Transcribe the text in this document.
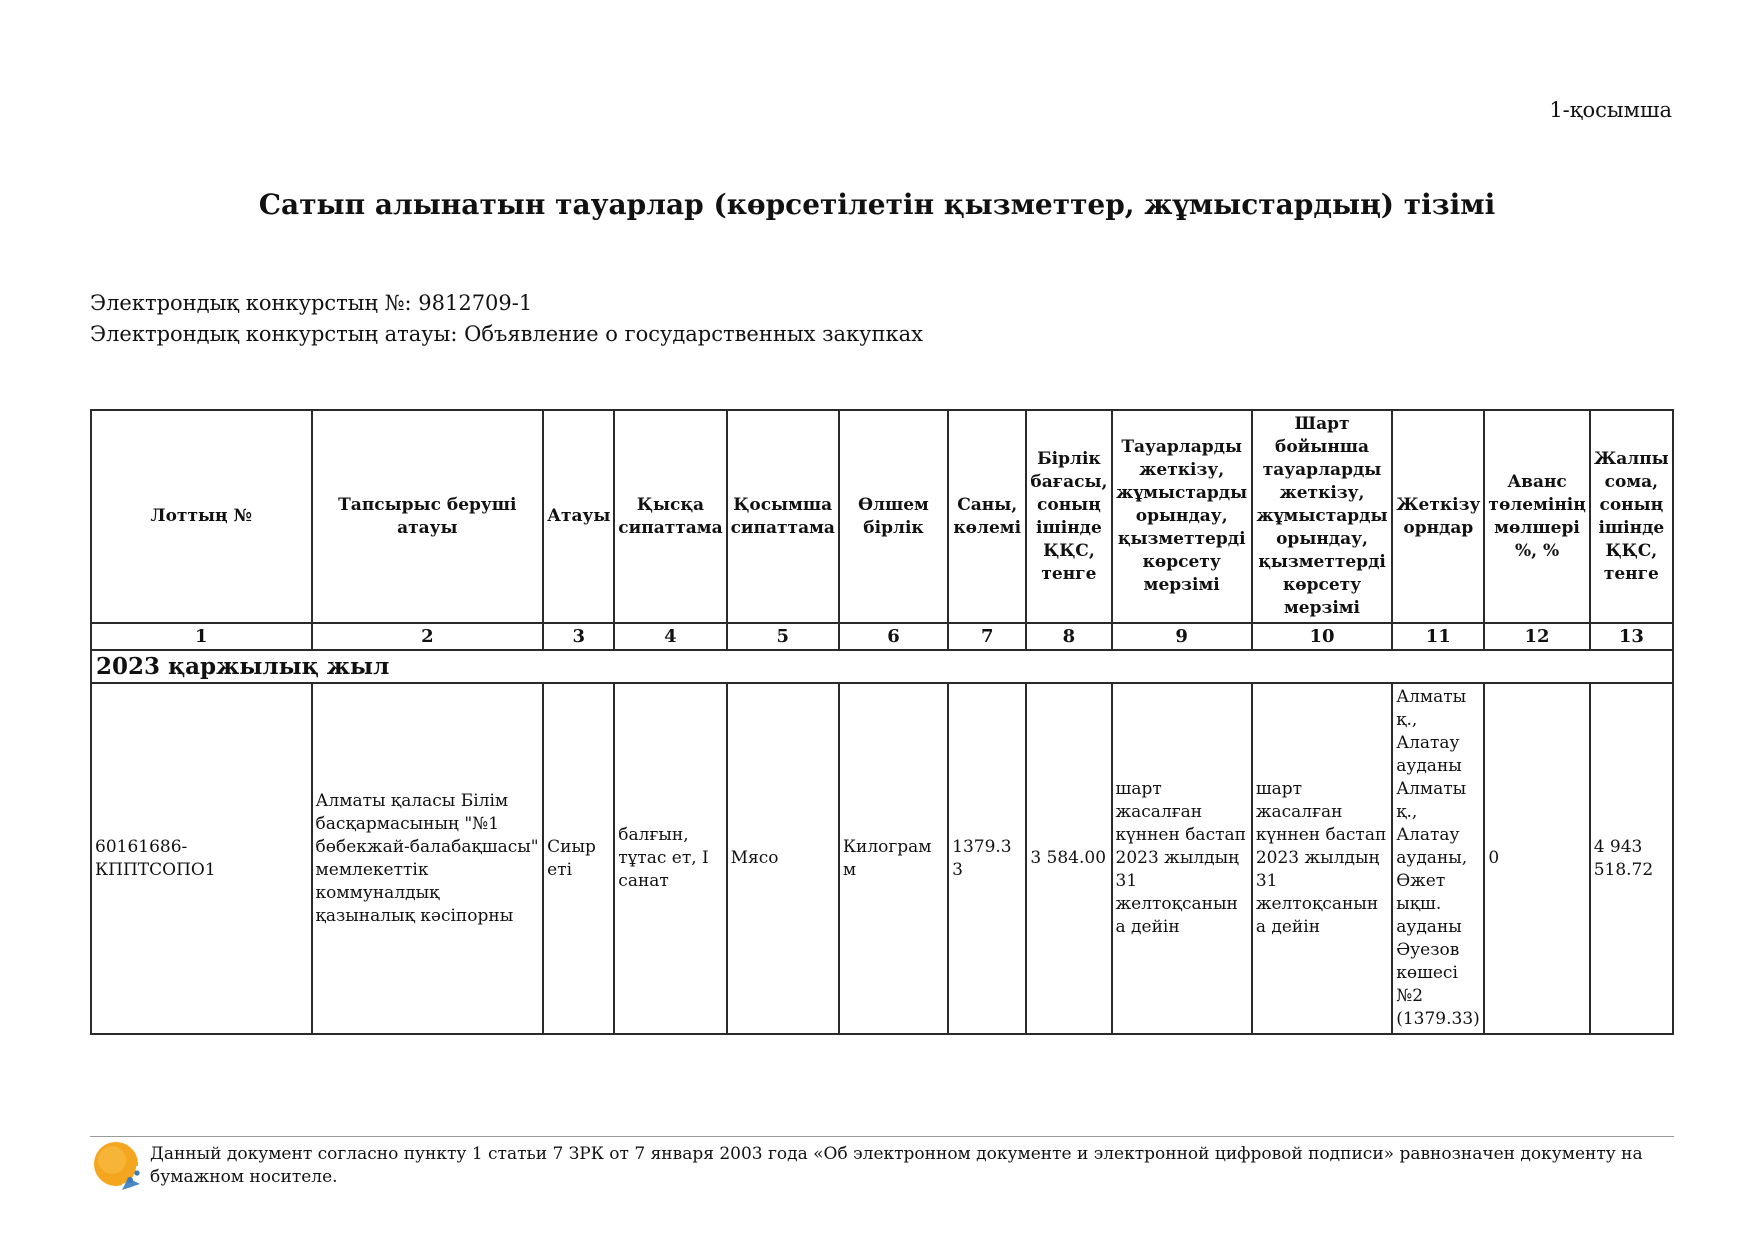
1-қосымша
Сатып алынатын тауарлар (көрсетілетін қызметтер, жұмыстардың) тізімі
Электрондық конкурстың №: 9812709-1
Электрондық конкурстың атауы: Объявление о государственных закупках
Лоттың №	Тапсырыс беруші атауы	Атауы	Қысқа сипаттама	Қосымша сипаттама	Өлшем бірлік	Саны, көлемі	Бірлік бағасы, соның ішінде ҚҚС, тенге	Тауарларды жеткізу, жұмыстарды орындау, қызметтерді көрсету мерзімі	Шарт бойынша тауарларды жеткізу, жұмыстарды орындау, қызметтерді көрсету мерзімі	Жеткізу орндар	Аванс төлемінің мөлшері %, %	Жалпы сома, соның ішінде ҚҚС, тенге
1	2	3	4	5	6	7	8	9	10	11	12	13
2023 қаржылық жыл												
60161686-КППТСОПО1	Алматы қаласы Білім басқармасының "№1 бөбекжай-балабақшасы" мемлекеттік коммуналдық қазыналық кәсіпорны	Сиыр еті	балғын, тұтас ет, I санат	Мясо	Килограмм	1379.33	3 584.00	шарт жасалған күннен бастап 2023 жылдың 31 желтоқсанына дейін	шарт жасалған күннен бастап 2023 жылдың 31 желтоқсанына дейін	Алматы қ., Алатау ауданы Алматы қ., Алатау ауданы, Өжет ықш. ауданы Әуезов көшесі №2 (1379.33)	0	4 943 518.72
Данный документ согласно пункту 1 статьи 7 ЗРК от 7 января 2003 года «Об электронном документе и электронной цифровой подписи» равнозначен документу на бумажном носителе.
